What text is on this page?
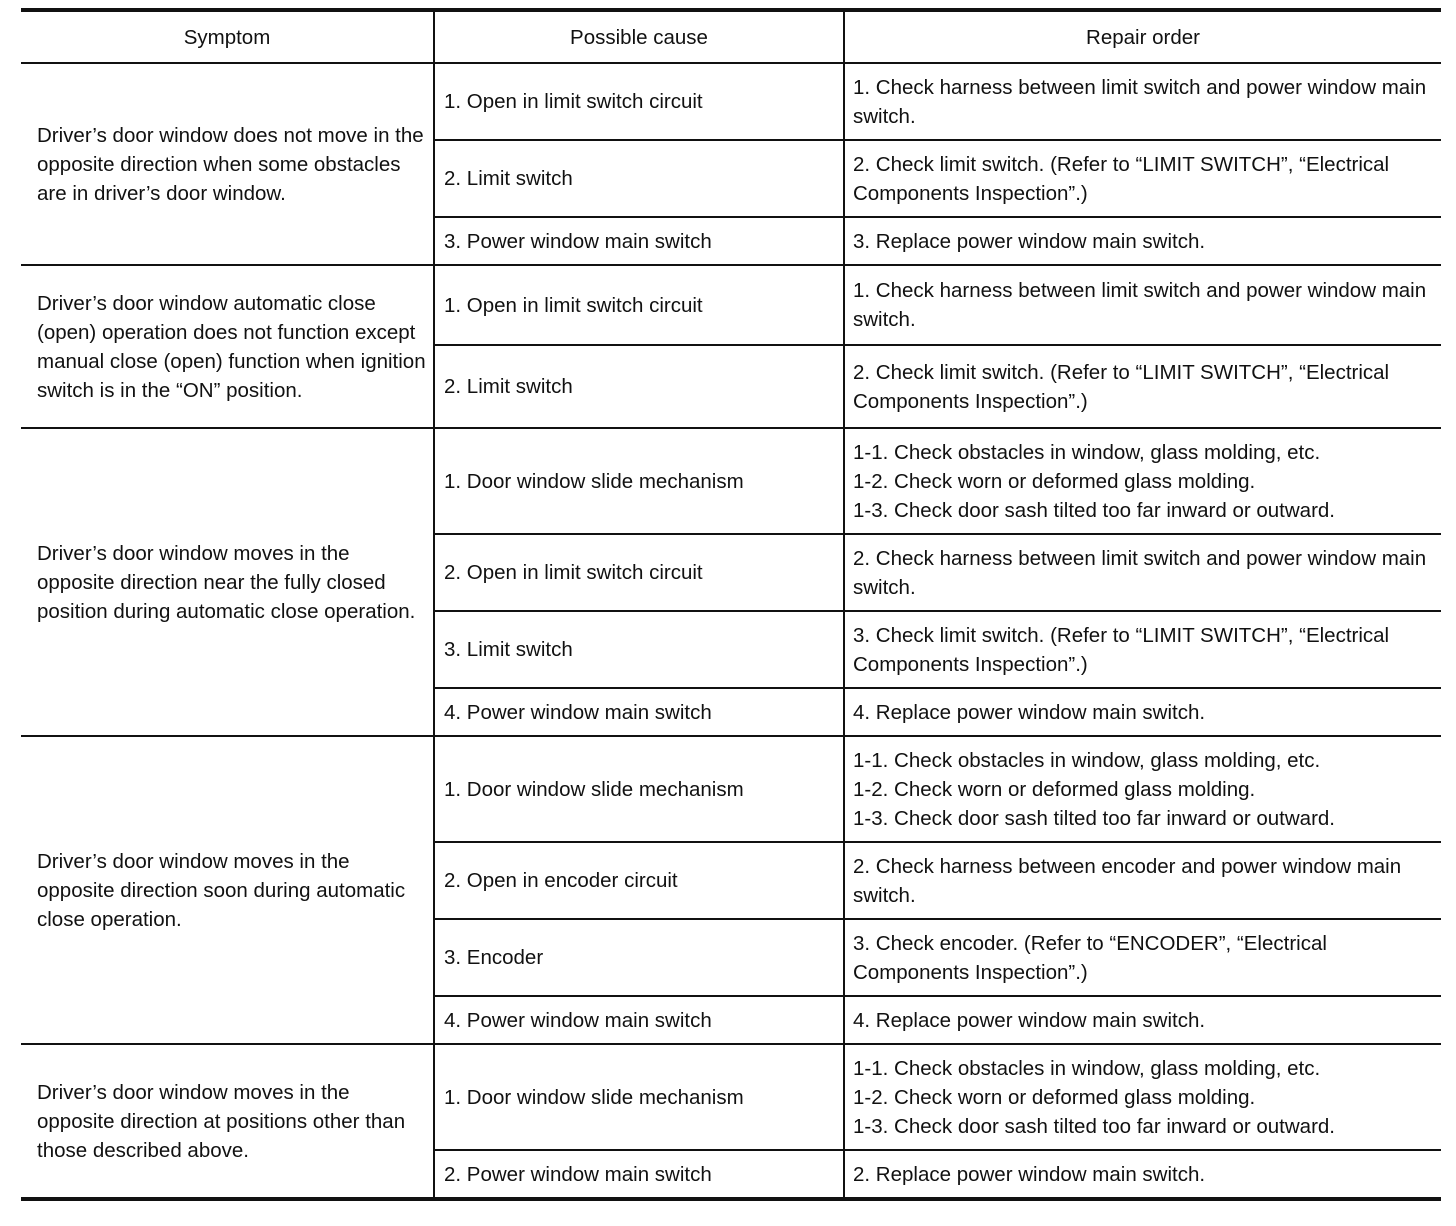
Symptom	Possible cause	Repair order
Driver’s door window does not move in the opposite direction when some obstacles are in driver’s door window.	1. Open in limit switch circuit	1. Check harness between limit switch and power window main switch.

	2. Limit switch	2. Check limit switch. (Refer to “LIMIT SWITCH”, “Electrical Components Inspection”.)

	3. Power window main switch	3. Replace power window main switch.

Driver’s door window automatic close (open) operation does not function except manual close (open) function when ignition switch is in the “ON” position.	1. Open in limit switch circuit	1. Check harness between limit switch and power window main switch.

	2. Limit switch	2. Check limit switch. (Refer to “LIMIT SWITCH”, “Electrical Components Inspection”.)

Driver’s door window moves in the opposite direction near the fully closed position during automatic close operation.	1. Door window slide mechanism	1-1. Check obstacles in window, glass molding, etc.
1-2. Check worn or deformed glass molding.
1-3. Check door sash tilted too far inward or outward.

	2. Open in limit switch circuit	2. Check harness between limit switch and power window main switch.

	3. Limit switch	3. Check limit switch. (Refer to “LIMIT SWITCH”, “Electrical Components Inspection”.)

	4. Power window main switch	4. Replace power window main switch.

Driver’s door window moves in the opposite direction soon during automatic close operation.	1. Door window slide mechanism	1-1. Check obstacles in window, glass molding, etc.
1-2. Check worn or deformed glass molding.
1-3. Check door sash tilted too far inward or outward.

	2. Open in encoder circuit	2. Check harness between encoder and power window main switch.

	3. Encoder	3. Check encoder. (Refer to “ENCODER”, “Electrical Components Inspection”.)

	4. Power window main switch	4. Replace power window main switch.

Driver’s door window moves in the opposite direction at positions other than those described above.	1. Door window slide mechanism	1-1. Check obstacles in window, glass molding, etc.
1-2. Check worn or deformed glass molding.
1-3. Check door sash tilted too far inward or outward.

	2. Power window main switch	2. Replace power window main switch.
